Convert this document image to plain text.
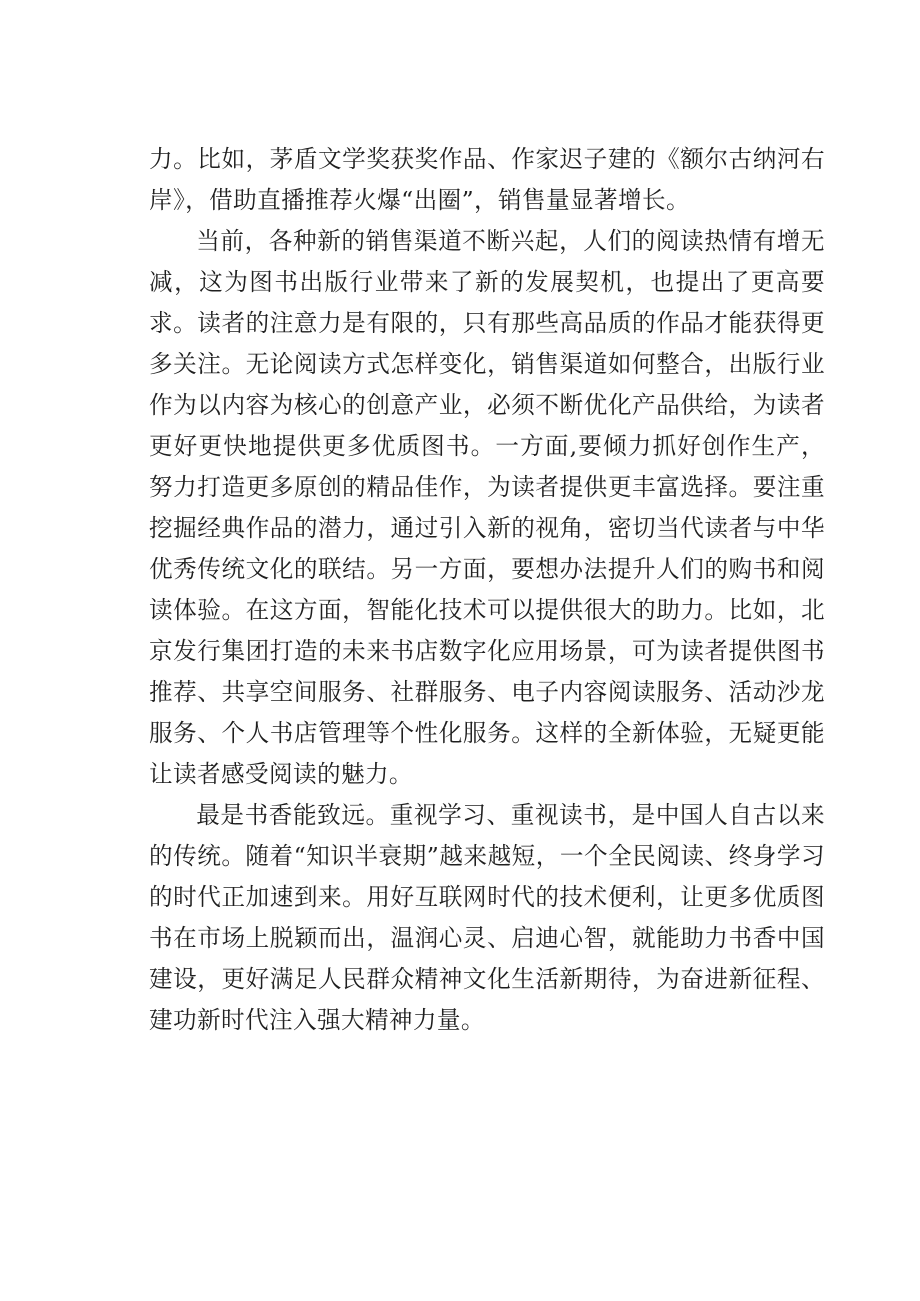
力。比如，茅盾文学奖获奖作品、作家迟子建的《额尔古纳河右岸》，借助直播推荐火爆“出圈”，销售量显著增长。

当前，各种新的销售渠道不断兴起，人们的阅读热情有增无减，这为图书出版行业带来了新的发展契机，也提出了更高要求。读者的注意力是有限的，只有那些高品质的作品才能获得更多关注。无论阅读方式怎样变化，销售渠道如何整合，出版行业作为以内容为核心的创意产业，必须不断优化产品供给，为读者更好更快地提供更多优质图书。一方面,要倾力抓好创作生产，努力打造更多原创的精品佳作，为读者提供更丰富选择。要注重挖掘经典作品的潜力，通过引入新的视角，密切当代读者与中华优秀传统文化的联结。另一方面，要想办法提升人们的购书和阅读体验。在这方面，智能化技术可以提供很大的助力。比如，北京发行集团打造的未来书店数字化应用场景，可为读者提供图书推荐、共享空间服务、社群服务、电子内容阅读服务、活动沙龙服务、个人书店管理等个性化服务。这样的全新体验，无疑更能让读者感受阅读的魅力。

最是书香能致远。重视学习、重视读书，是中国人自古以来的传统。随着“知识半衰期”越来越短，一个全民阅读、终身学习的时代正加速到来。用好互联网时代的技术便利，让更多优质图书在市场上脱颖而出，温润心灵、启迪心智，就能助力书香中国建设，更好满足人民群众精神文化生活新期待，为奋进新征程、建功新时代注入强大精神力量。
